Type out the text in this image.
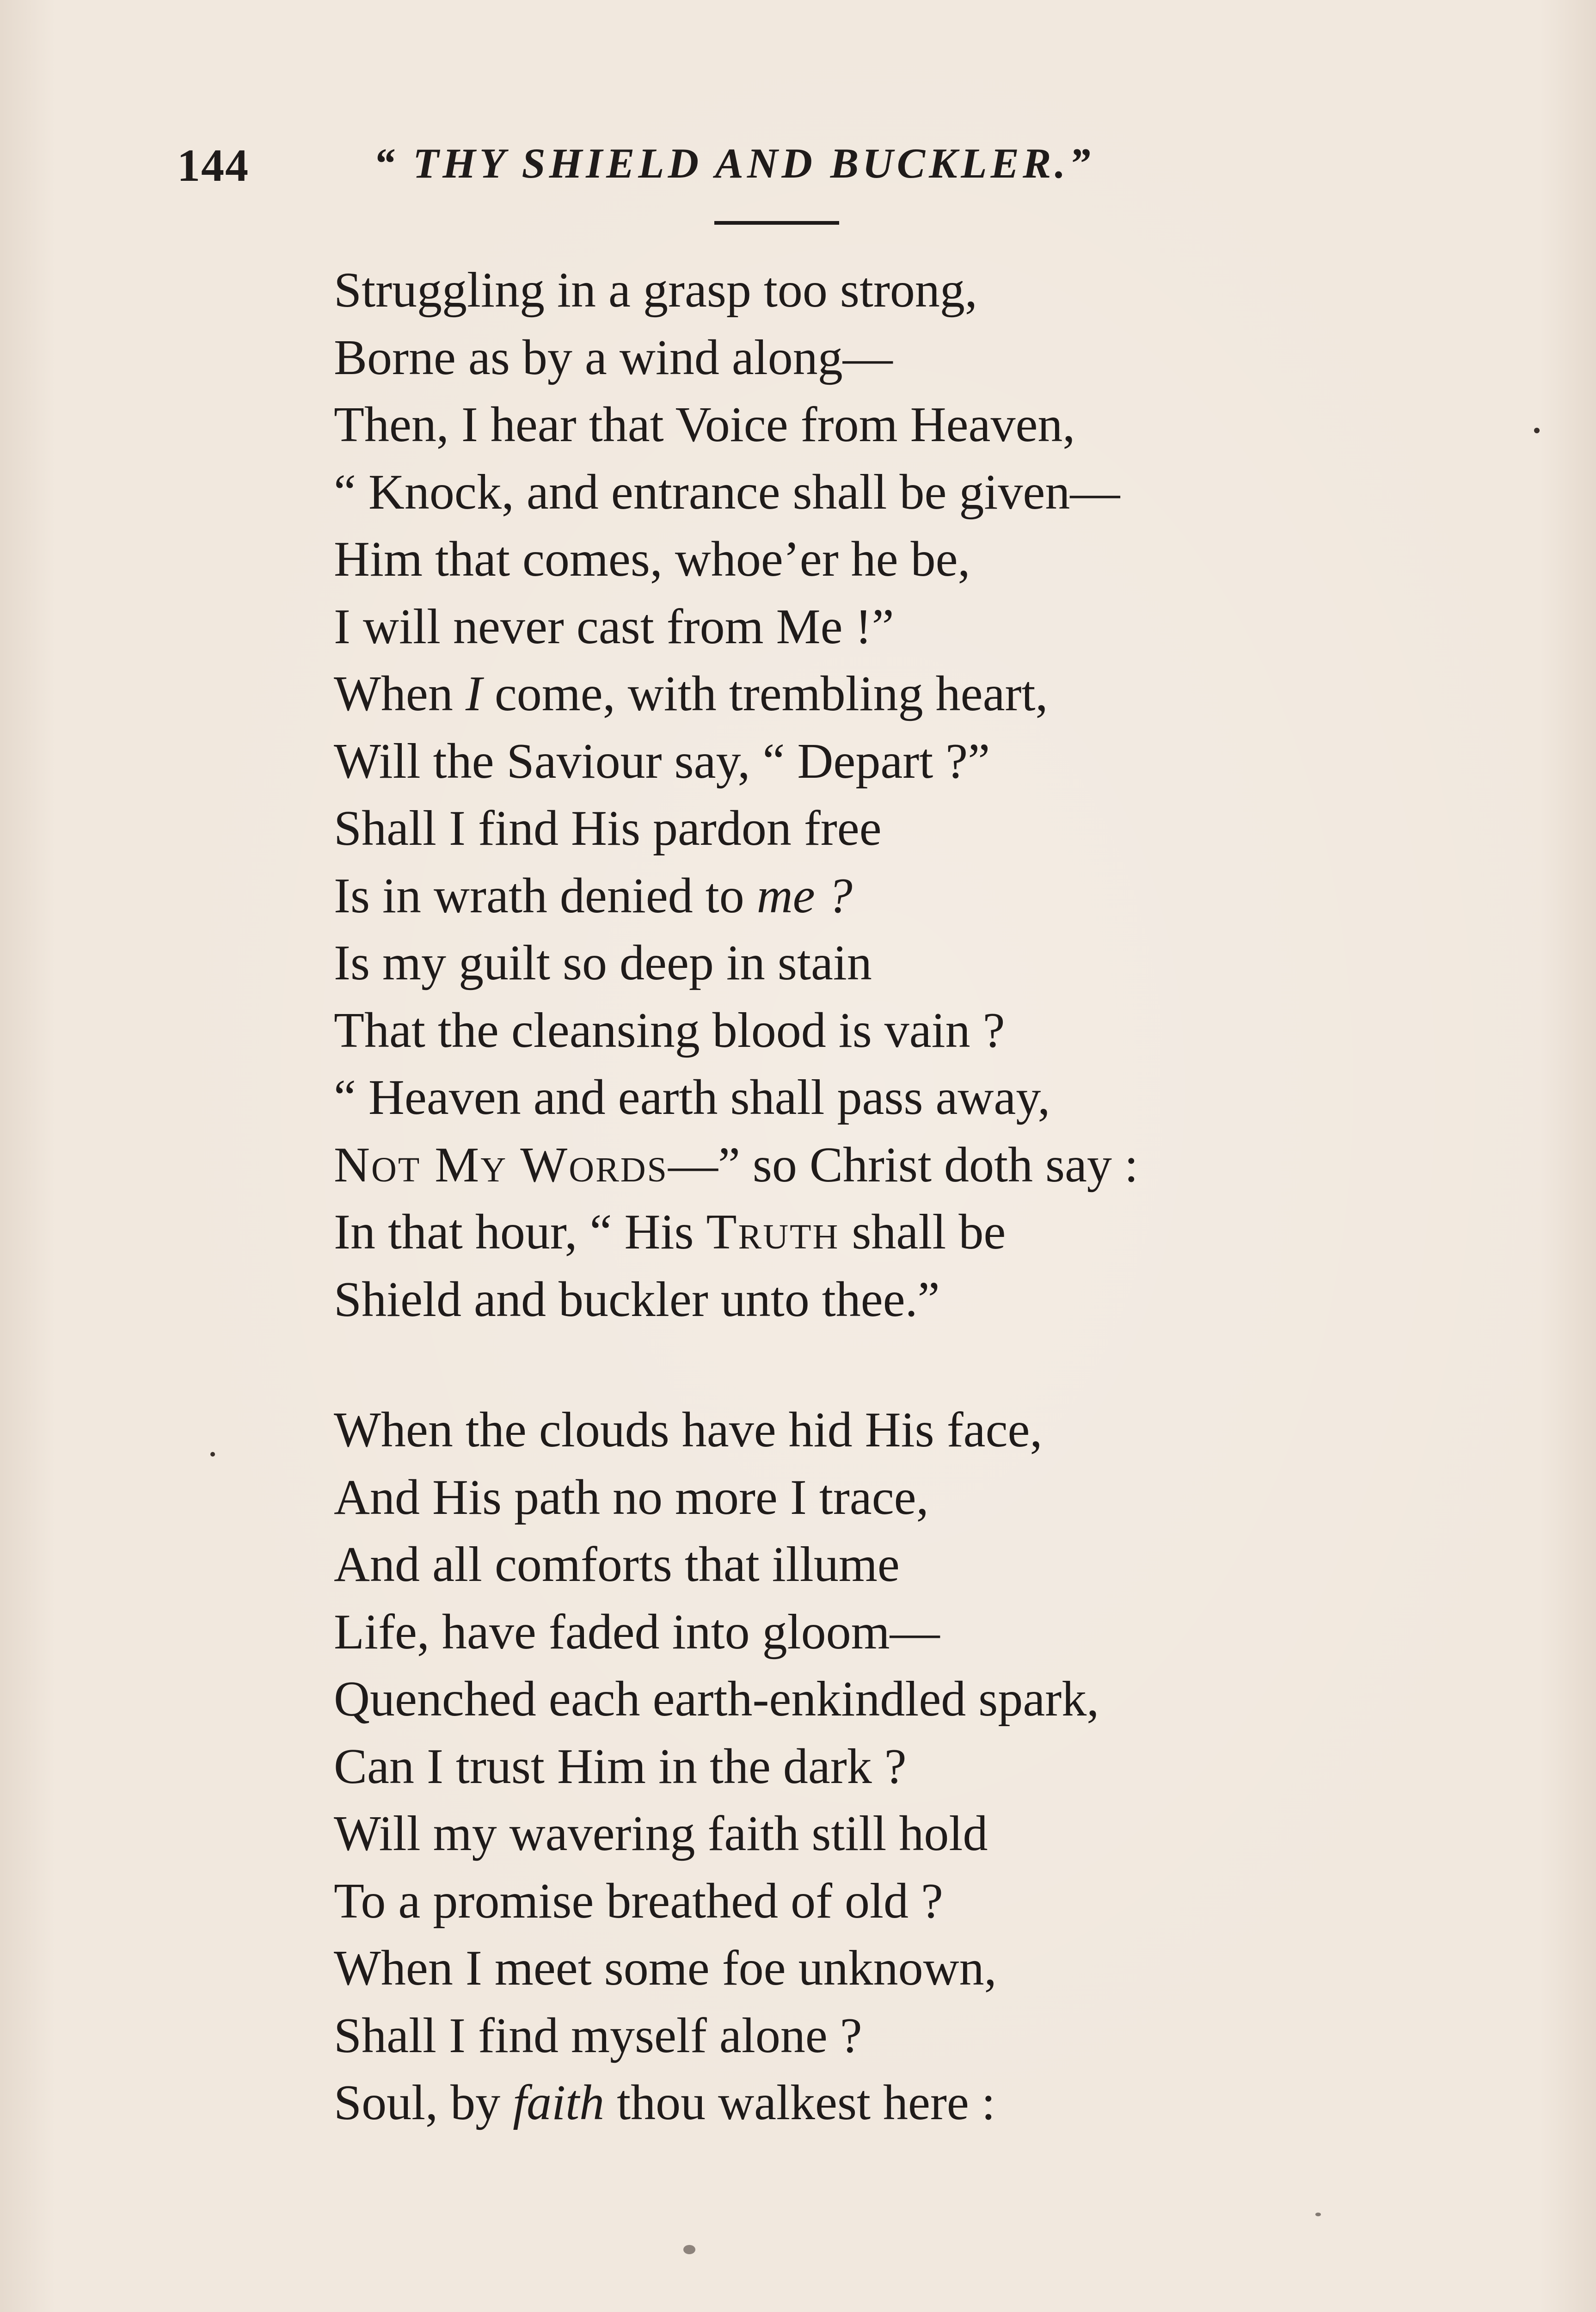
144	“ THY SHIELD AND BUCKLER.”
Struggling in a grasp too strong,
Borne as by a wind along—
Then, I hear that Voice from Heaven,
“ Knock, and entrance shall be given—
Him that comes, whoe’er he be,
I will never cast from Me !”
When I come, with trembling heart,
Will the Saviour say, “ Depart ?”
Shall I find His pardon free
Is in wrath denied to me ?
Is my guilt so deep in stain
That the cleansing blood is vain ?
“ Heaven and earth shall pass away,
Not My Words—” so Christ doth say :
In that hour, “ His Truth shall be
Shield and buckler unto thee.”
When the clouds have hid His face,
And His path no more I trace,
And all comforts that illume
Life, have faded into gloom—
Quenched each earth-enkindled spark,
Can I trust Him in the dark ?
Will my wavering faith still hold
To a promise breathed of old ?
When I meet some foe unknown,
Shall I find myself alone ?
Soul, by faith thou walkest here :
